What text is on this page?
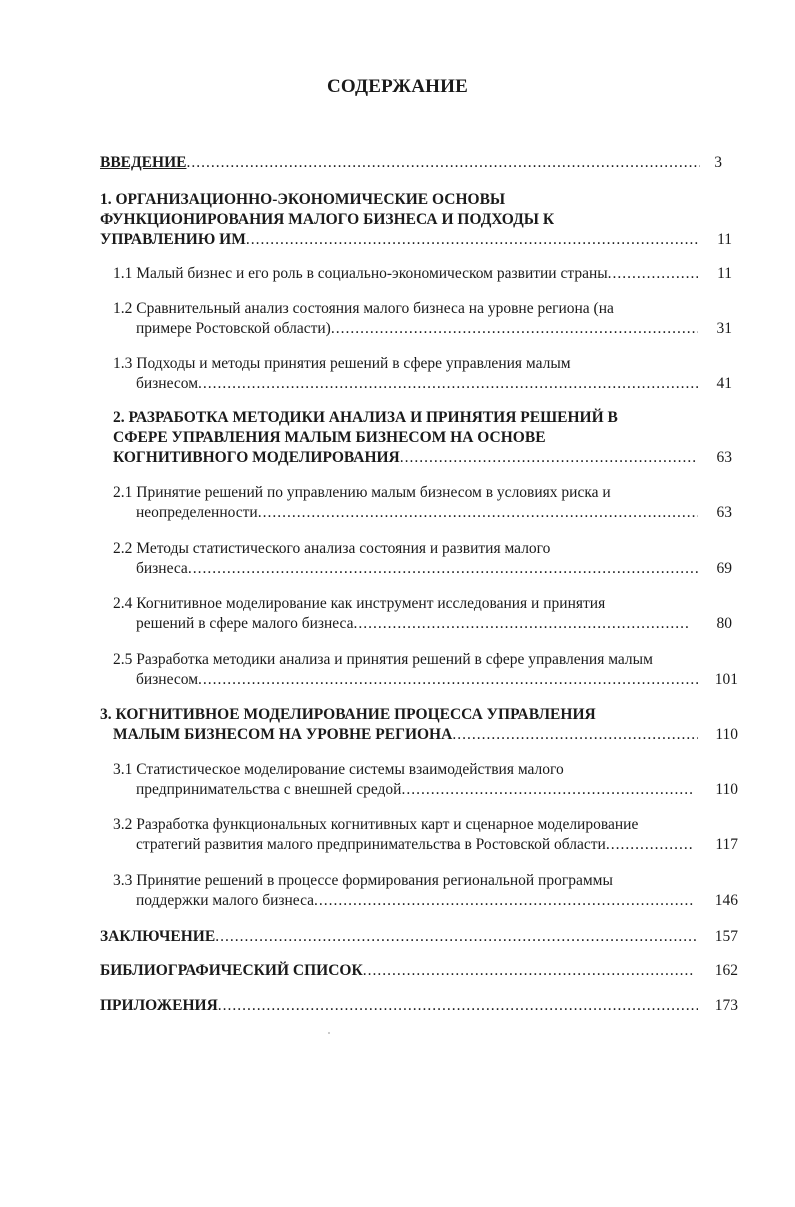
СОДЕРЖАНИЕ
ВВЕДЕНИЕ .....	3
1. ОРГАНИЗАЦИОННО-ЭКОНОМИЧЕСКИЕ ОСНОВЫ
ФУНКЦИОНИРОВАНИЯ МАЛОГО БИЗНЕСА И ПОДХОДЫ К
УПРАВЛЕНИЮ ИМ .....	11
1.1 Малый бизнес и его роль в социально-экономическом развитии страны .....	11
1.2 Сравнительный анализ состояния малого бизнеса на уровне региона (на
примере Ростовской области) .....	31
1.3 Подходы и методы принятия решений в сфере управления малым
бизнесом .....	41
2. РАЗРАБОТКА МЕТОДИКИ АНАЛИЗА И ПРИНЯТИЯ РЕШЕНИЙ В
СФЕРЕ УПРАВЛЕНИЯ МАЛЫМ БИЗНЕСОМ НА ОСНОВЕ
КОГНИТИВНОГО МОДЕЛИРОВАНИЯ .....	63
2.1 Принятие решений по управлению малым бизнесом в условиях риска и
неопределенности .....	63
2.2 Методы статистического анализа состояния и развития малого
бизнеса .....	69
2.4 Когнитивное моделирование как инструмент исследования и принятия
решений в сфере малого бизнеса .....	80
2.5 Разработка методики анализа и принятия решений в сфере управления малым
бизнесом .....	101
3. КОГНИТИВНОЕ МОДЕЛИРОВАНИЕ ПРОЦЕССА УПРАВЛЕНИЯ
МАЛЫМ БИЗНЕСОМ НА УРОВНЕ РЕГИОНА .....	110
3.1 Статистическое моделирование системы взаимодействия малого
предпринимательства с внешней средой .....	110
3.2 Разработка функциональных когнитивных карт и сценарное моделирование
стратегий развития малого предпринимательства в Ростовской области .....	117
3.3 Принятие решений в процессе формирования региональной программы
поддержки малого бизнеса .....	146
ЗАКЛЮЧЕНИЕ .....	157
БИБЛИОГРАФИЧЕСКИЙ СПИСОК .....	162
ПРИЛОЖЕНИЯ .....	173
